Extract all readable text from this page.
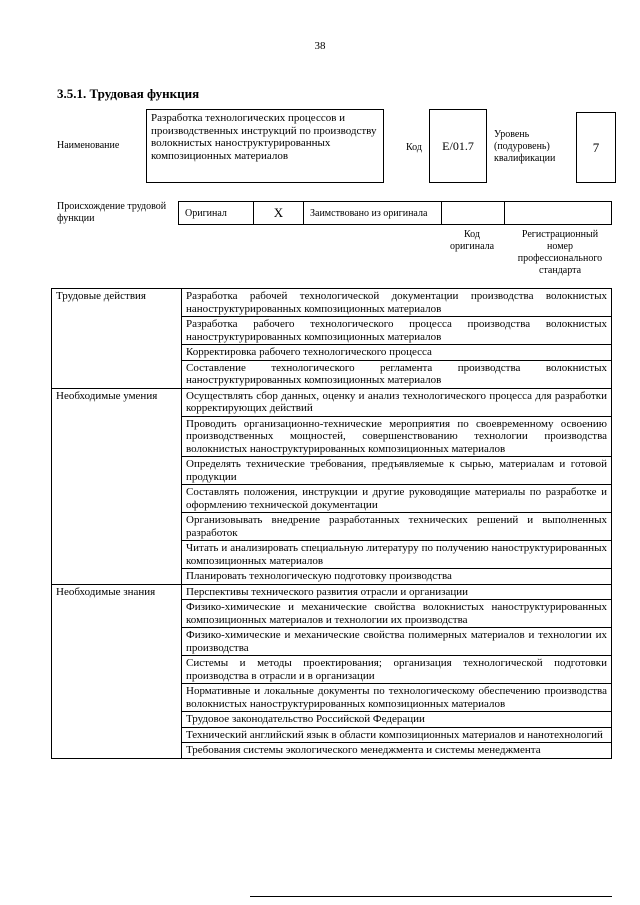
38
3.5.1. Трудовая функция
Наименование
Разработка технологических процессов и производственных инструкций по производству волокнистых наноструктурированных композиционных материалов
Код	E/01.7
Уровень (подуровень) квалификации
7
Происхождение трудовой функции	Оригинал	X	Заимствовано из оригинала
Код оригинала
Регистрационный номер профессионального стандарта
Трудовые действия	Разработка рабочей технологической документации производства волокнистых наноструктурированных композиционных материалов
	Разработка рабочего технологического процесса производства волокнистых наноструктурированных композиционных материалов
	Корректировка рабочего технологического процесса
	Составление технологического регламента производства волокнистых наноструктурированных композиционных материалов
Необходимые умения	Осуществлять сбор данных, оценку и анализ технологического процесса для разработки корректирующих действий
	Проводить организационно-технические мероприятия по своевременному освоению производственных мощностей, совершенствованию технологии производства волокнистых наноструктурированных композиционных материалов
	Определять технические требования, предъявляемые к сырью, материалам и готовой продукции
	Составлять положения, инструкции и другие руководящие материалы по разработке и оформлению технической документации
	Организовывать внедрение разработанных технических решений и выполненных разработок
	Читать и анализировать специальную литературу по получению наноструктурированных композиционных материалов
	Планировать технологическую подготовку производства
Необходимые знания	Перспективы технического развития отрасли и организации
	Физико-химические и механические свойства волокнистых наноструктурированных композиционных материалов и технологии их производства
	Физико-химические и механические свойства полимерных материалов и технологии их производства
	Системы и методы проектирования; организация технологической подготовки производства в отрасли и в организации
	Нормативные и локальные документы по технологическому обеспечению производства волокнистых наноструктурированных композиционных материалов
	Трудовое законодательство Российской Федерации
	Технический английский язык в области композиционных материалов и нанотехнологий
	Требования системы экологического менеджмента и системы менеджмента
